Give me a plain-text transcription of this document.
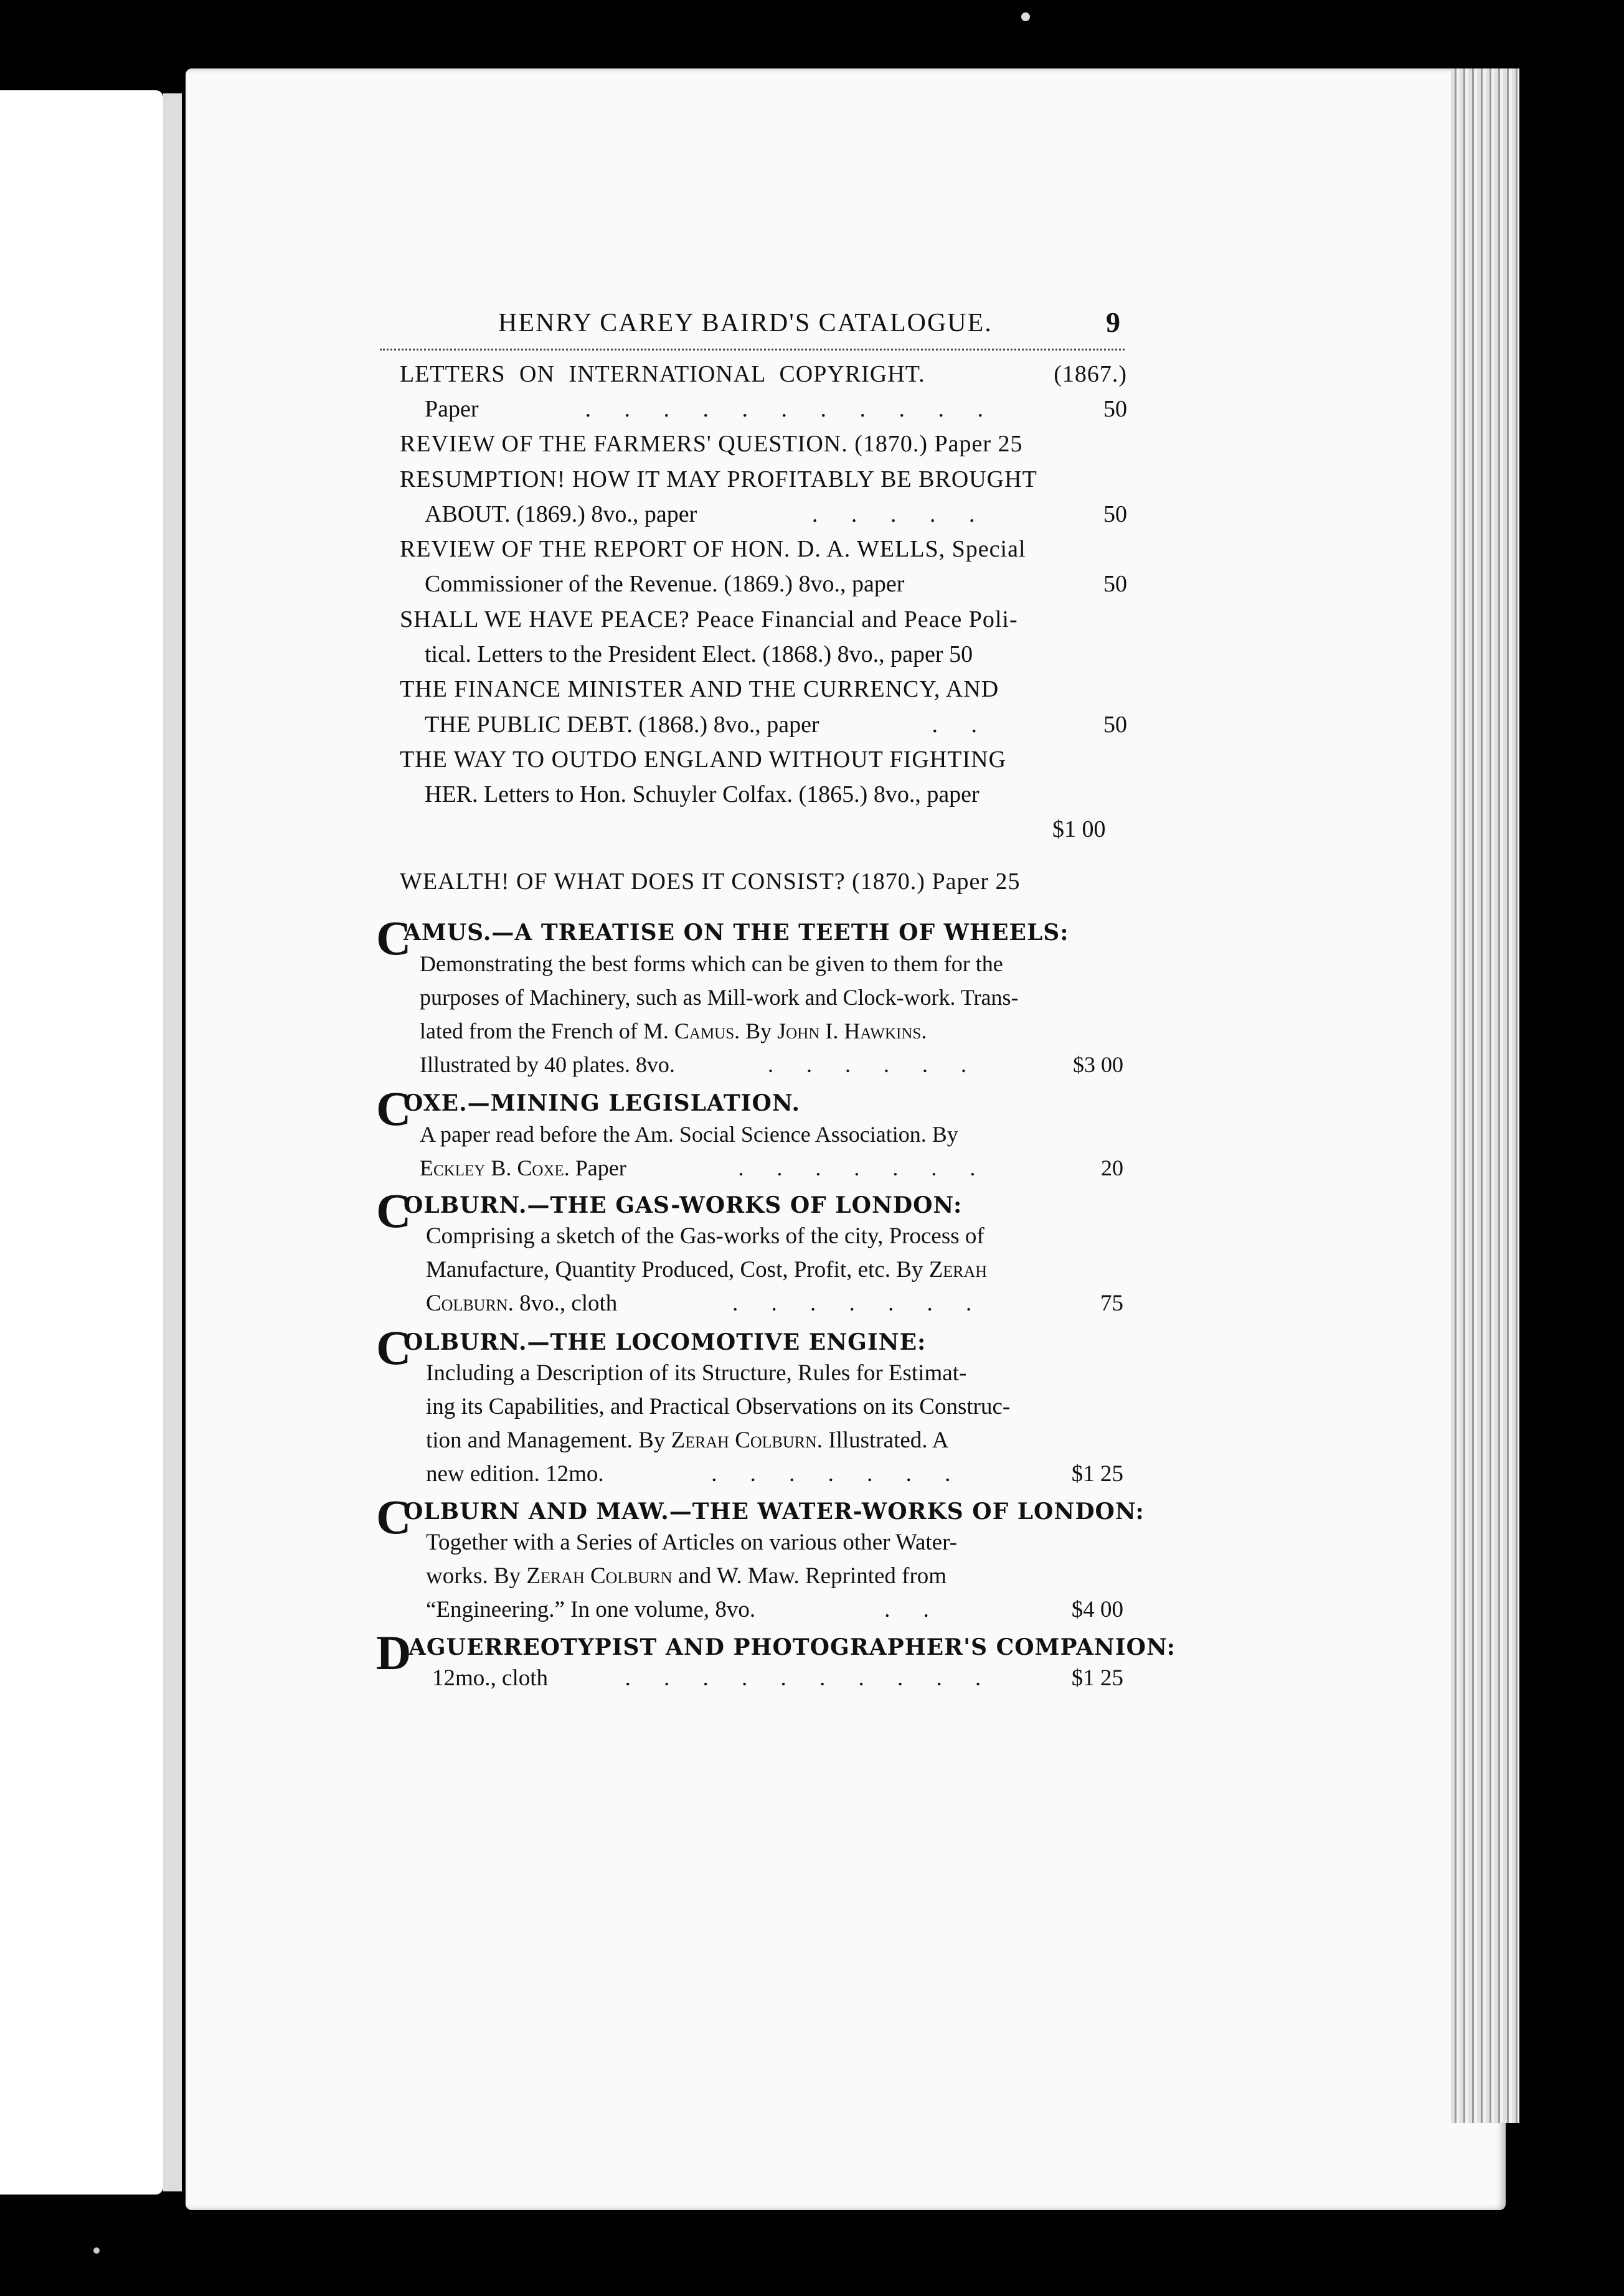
HENRY CAREY BAIRD'S CATALOGUE.	9
LETTERS ON INTERNATIONAL COPYRIGHT.	(1867.)
Paper	. . . . . . . . . . .	50
REVIEW OF THE FARMERS' QUESTION. (1870.) Paper 25
RESUMPTION! HOW IT MAY PROFITABLY BE BROUGHT
ABOUT. (1869.) 8vo., paper	. . . . .	50
REVIEW OF THE REPORT OF HON. D. A. WELLS, Special
Commissioner of the Revenue. (1869.) 8vo., paper	50
SHALL WE HAVE PEACE? Peace Financial and Peace Poli-
tical. Letters to the President Elect. (1868.) 8vo., paper 50
THE FINANCE MINISTER AND THE CURRENCY, AND
THE PUBLIC DEBT. (1868.) 8vo., paper	. .	50
THE WAY TO OUTDO ENGLAND WITHOUT FIGHTING
HER. Letters to Hon. Schuyler Colfax. (1865.) 8vo., paper
$1 00
WEALTH! OF WHAT DOES IT CONSIST? (1870.) Paper 25
C
AMUS.—A TREATISE ON THE TEETH OF WHEELS:
Demonstrating the best forms which can be given to them for the
purposes of Machinery, such as Mill-work and Clock-work. Trans-
lated from the French of M. Camus. By John I. Hawkins.
Illustrated by 40 plates. 8vo.	. . . . . .	$3 00
C
OXE.—MINING LEGISLATION.
A paper read before the Am. Social Science Association. By
Eckley B. Coxe. Paper	. . . . . . .	20
C
OLBURN.—THE GAS-WORKS OF LONDON:
Comprising a sketch of the Gas-works of the city, Process of
Manufacture, Quantity Produced, Cost, Profit, etc. By Zerah
Colburn. 8vo., cloth	. . . . . . .	75
C
OLBURN.—THE LOCOMOTIVE ENGINE:
Including a Description of its Structure, Rules for Estimat-
ing its Capabilities, and Practical Observations on its Construc-
tion and Management. By Zerah Colburn. Illustrated. A
new edition. 12mo.	. . . . . . .	$1 25
C
OLBURN AND MAW.—THE WATER-WORKS OF LONDON:
Together with a Series of Articles on various other Water-
works. By Zerah Colburn and W. Maw. Reprinted from
“Engineering.” In one volume, 8vo.	. .	$4 00
D
AGUERREOTYPIST AND PHOTOGRAPHER'S COMPANION:
12mo., cloth	. . . . . . . . . .	$1 25
